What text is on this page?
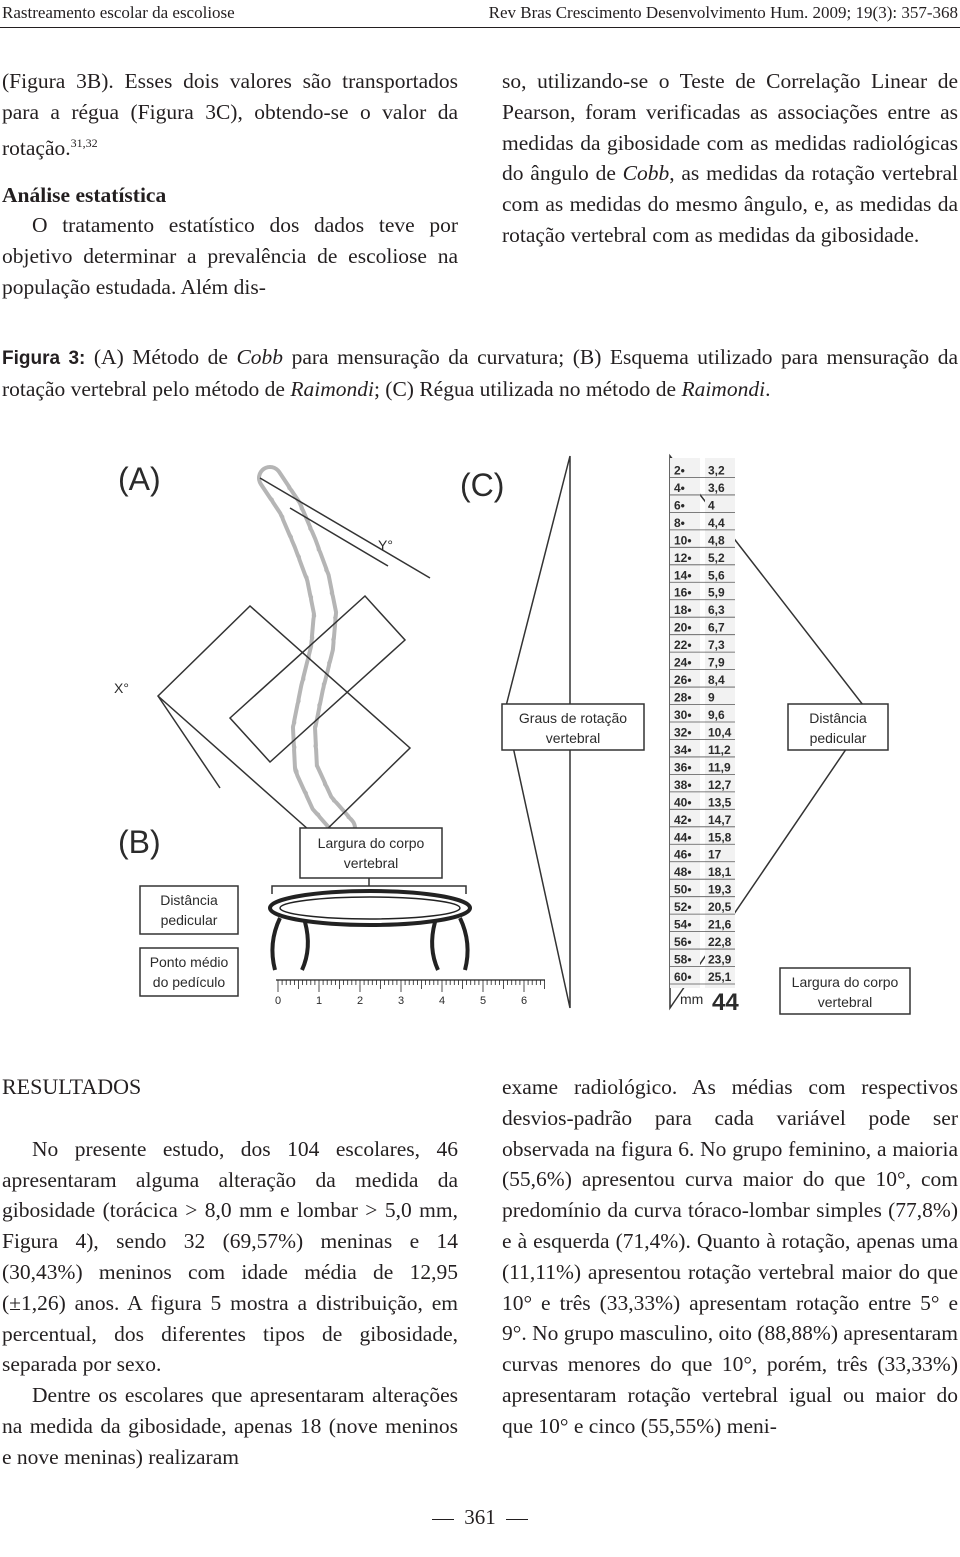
Rastreamento escolar da escoliose	Rev Bras Crescimento Desenvolvimento Hum. 2009; 19(3): 357-368

(Figura 3B). Esses dois valores são transportados para a régua (Figura 3C), obtendo-se o valor da rotação.$^{31,32}$

Análise estatística

O tratamento estatístico dos dados teve por objetivo determinar a prevalência de escoliose na população estudada. Além dis-

so, utilizando-se o Teste de Correlação Linear de Pearson, foram verificadas as associações entre as medidas da gibosidade com as medidas radiológicas do ângulo de Cobb, as medidas da rotação vertebral com as medidas do mesmo ângulo, e, as medidas da rotação vertebral com as medidas da gibosidade.

Figura 3: (A) Método de Cobb para mensuração da curvatura; (B) Esquema utilizado para mensuração da rotação vertebral pelo método de Raimondi; (C) Régua utilizada no método de Raimondi.
(A)
Y°
X°
(B)	Largura do corpo
vertebral
Distância
pedicular
Ponto médio
do pedículo
0	1	2	3	4	5	6
(C)	2• 3,2
4• 3,6
6• 4
8• 4,4
10• 4,8
12• 5,2
14• 5,6
16• 5,9
18• 6,3
20• 6,7
22• 7,3
24• 7,9
26• 8,4
28• 9
30• 9,6
32• 10,4
34• 11,2
36• 11,9
38• 12,7
40• 13,5
42• 14,7
44• 15,8
46• 17
48• 18,1
50• 19,3
52• 20,5
54• 21,6
56• 22,8
58• 23,9
60• 25,1
mm 44
Graus de rotação
vertebral
Distância
pedicular
Largura do corpo
vertebral
RESULTADOS

No presente estudo, dos 104 escolares, 46 apresentaram alguma alteração da medida da gibosidade (torácica > 8,0 mm e lombar > 5,0 mm, Figura 4), sendo 32 (69,57%) meninas e 14 (30,43%) meninos com idade média de 12,95 (±1,26) anos. A figura 5 mostra a distribuição, em percentual, dos diferentes tipos de gibosidade, separada por sexo.

Dentre os escolares que apresentaram alterações na medida da gibosidade, apenas 18 (nove meninos e nove meninas) realizaram

exame radiológico. As médias com respectivos desvios-padrão para cada variável pode ser observada na figura 6. No grupo feminino, a maioria (55,6%) apresentou curva maior do que 10°, com predomínio da curva tóraco-lombar simples (77,8%) e à esquerda (71,4%). Quanto à rotação, apenas uma (11,11%) apresentou rotação vertebral maior do que 10° e três (33,33%) apresentam rotação entre 5° e 9°. No grupo masculino, oito (88,88%) apresentaram curvas menores do que 10°, porém, três (33,33%) apresentaram rotação vertebral igual ou maior do que 10° e cinco (55,55%) meni-

361
